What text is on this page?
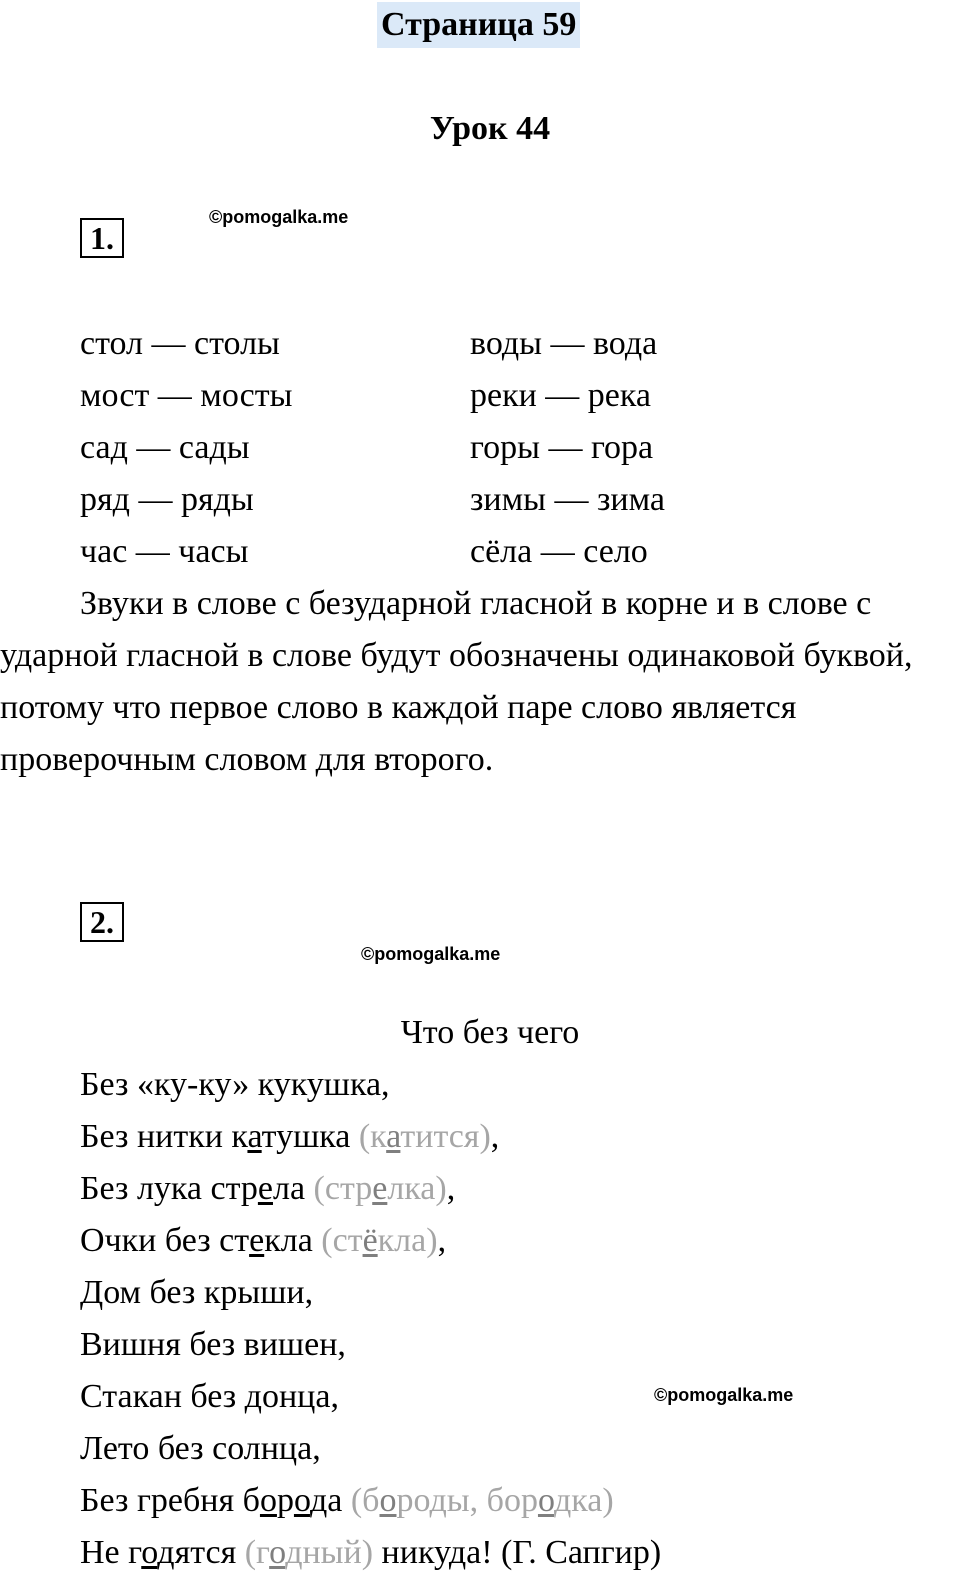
Страница 59
Урок 44
1.
©pomogalka.me
стол — столы
мост — мосты
сад — сады
ряд — ряды
час — часы
воды — вода
реки — река
горы — гора
зимы — зима
сёла — село
Звуки в слове с безударной гласной в корне и в слове с ударной гласной в слове будут обозначены одинаковой буквой, потому что первое слово в каждой паре слово является проверочным словом для второго.
2.
©pomogalka.me
Что без чего
Без «ку-ку» кукушка,
Без нитки катушка (катится),
Без лука стрела (стрелка),
Очки без стекла (стёкла),
Дом без крыши,
Вишня без вишен,
Стакан без донца,
Лето без солнца,
Без гребня борода (бороды, бородка)
Не годятся (годный) никуда! (Г. Сапгир)
©pomogalka.me
